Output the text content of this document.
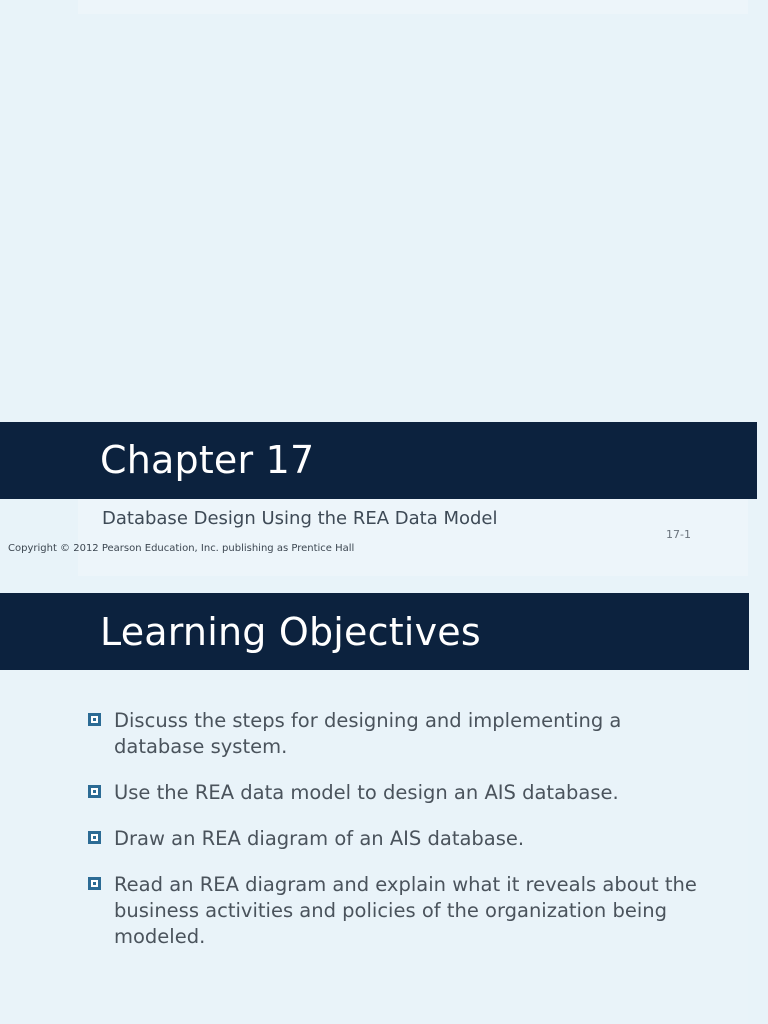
Chapter 17
Database Design Using the REA Data Model
17-1
Copyright © 2012 Pearson Education, Inc. publishing as Prentice Hall
Learning Objectives
Discuss the steps for designing and implementing a database system.
Use the REA data model to design an AIS database.
Draw an REA diagram of an AIS database.
Read an REA diagram and explain what it reveals about the business activities and policies of the organization being modeled.
